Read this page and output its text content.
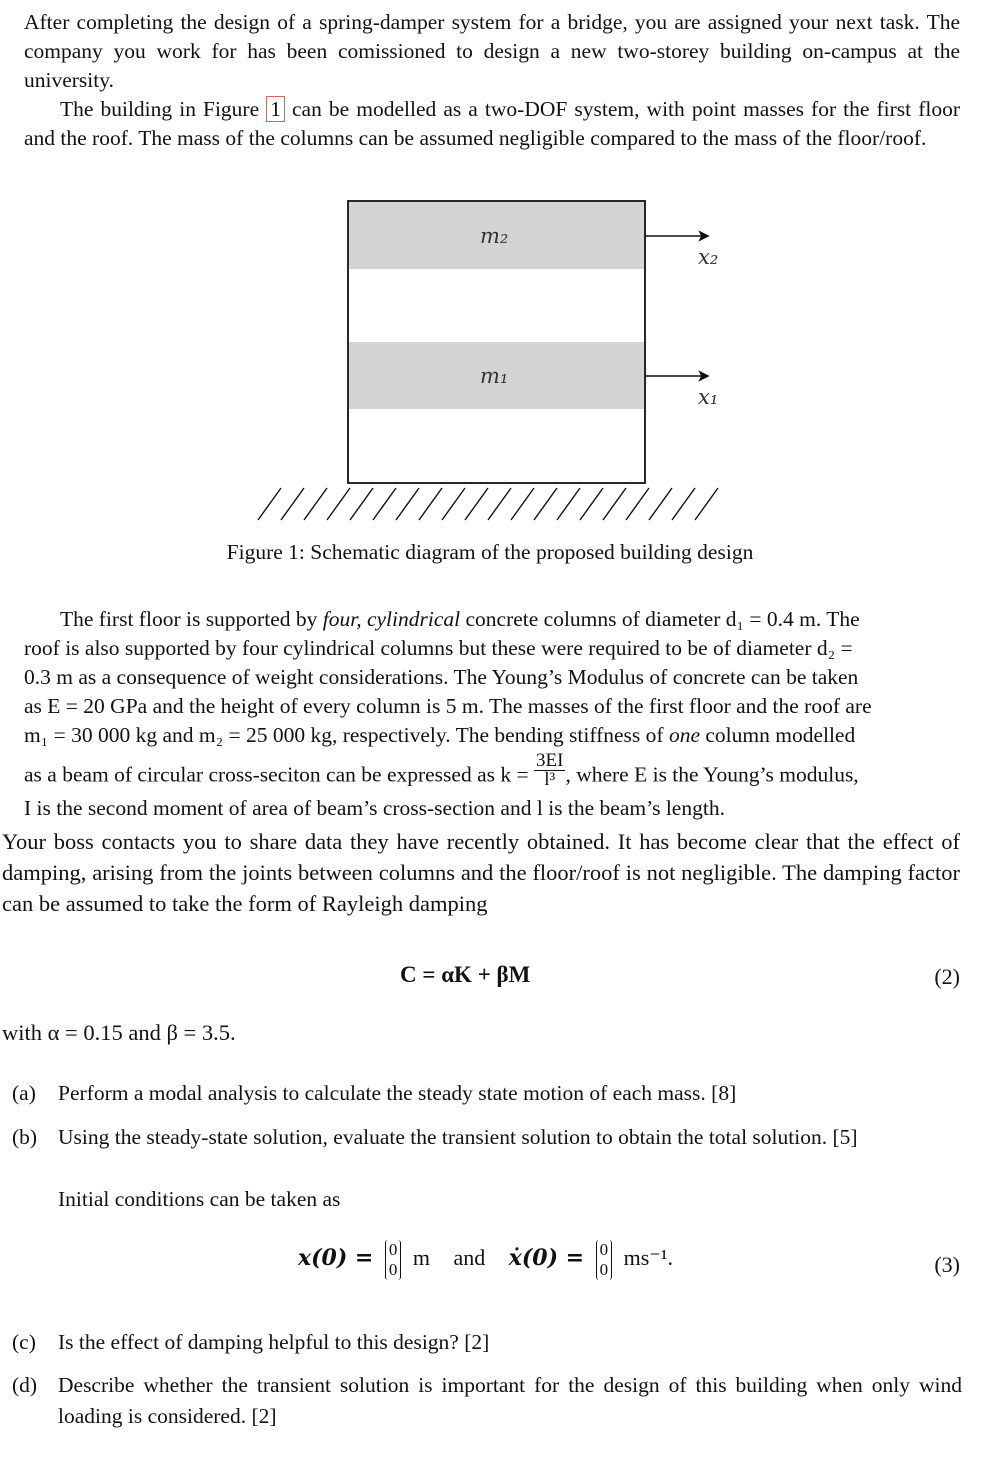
After completing the design of a spring-damper system for a bridge, you are assigned your next task. The company you work for has been comissioned to design a new two-storey building on-campus at the university.
The building in Figure 1 can be modelled as a two-DOF system, with point masses for the first floor and the roof. The mass of the columns can be assumed negligible compared to the mass of the floor/roof.
m₂
m₁
x₂
x₁
Figure 1: Schematic diagram of the proposed building design
The first floor is supported by four, cylindrical concrete columns of diameter d₁ = 0.4 m. The
roof is also supported by four cylindrical columns but these were required to be of diameter d₂ =
0.3 m as a consequence of weight considerations. The Young’s Modulus of concrete can be taken
as E = 20 GPa and the height of every column is 5 m. The masses of the first floor and the roof are
m₁ = 30 000 kg and m₂ = 25 000 kg, respectively. The bending stiffness of one column modelled
as a beam of circular cross-seciton can be expressed as $k = \frac{3EI}{\text{l³}}$ , where E is the Young’s modulus,
I is the second moment of area of beam’s cross-section and l is the beam’s length.
Your boss contacts you to share data they have recently obtained. It has become clear that the effect of damping, arising from the joints between columns and the floor/roof is not negligible. The damping factor can be assumed to take the form of Rayleigh damping
C = αK + βM	(2)
with α = 0.15 and β = 3.5.
(a) Perform a modal analysis to calculate the steady state motion of each mass. [8]
(b) Using the steady-state solution, evaluate the transient solution to obtain the total solution. [5]
Initial conditions can be taken as
x(0) = 0
0 m and ẋ(0) = 0
0 ms⁻¹.	(3)
(c) Is the effect of damping helpful to this design? [2]
(d) Describe whether the transient solution is important for the design of this building when only wind loading is considered. [2]
